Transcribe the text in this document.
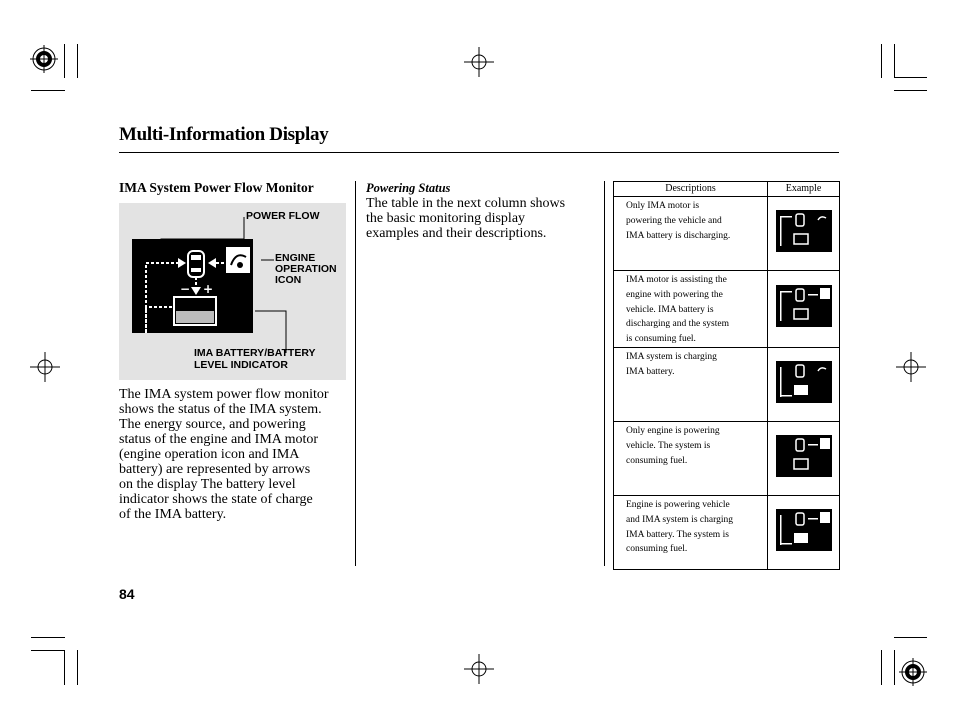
Multi-Information Display
IMA System Power Flow Monitor
− +
POWER FLOW
ENGINE
OPERATION
ICON
IMA BATTERY/BATTERY
LEVEL INDICATOR
The IMA system power flow monitor
shows the status of the IMA system.
The energy source, and powering
status of the engine and IMA motor
(engine operation icon and IMA
battery) are represented by arrows
on the display The battery level
indicator shows the state of charge
of the IMA battery.
Powering Status
The table in the next column shows
the basic monitoring display
examples and their descriptions.
Descriptions	Example

Only IMA motor is
powering the vehicle and
IMA battery is discharging.

IMA motor is assisting the
engine with powering the
vehicle. IMA battery is
discharging and the system
is consuming fuel.

IMA system is charging
IMA battery.

Only engine is powering
vehicle. The system is
consuming fuel.

Engine is powering vehicle
and IMA system is charging
IMA battery. The system is
consuming fuel.

84
